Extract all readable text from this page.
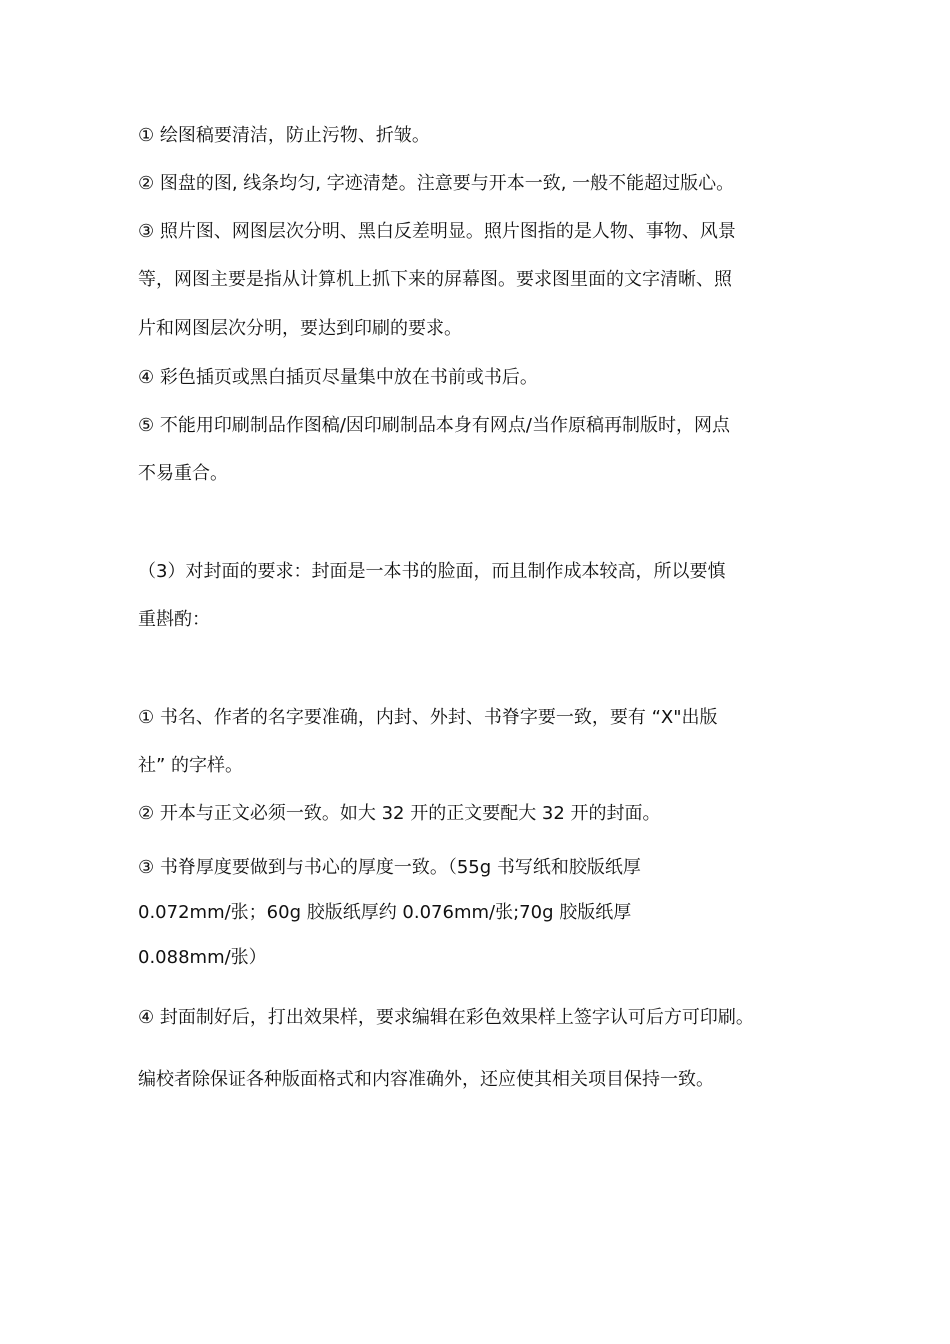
① 绘图稿要清洁，防止污物、折皱。

② 图盘的图, 线条均匀, 字迹清楚。注意要与开本一致, 一般不能超过版心。

③ 照片图、网图层次分明、黑白反差明显。照片图指的是人物、事物、风景

等，网图主要是指从计算机上抓下来的屏幕图。要求图里面的文字清晰、照

片和网图层次分明，要达到印刷的要求。

④ 彩色插页或黑白插页尽量集中放在书前或书后。

⑤ 不能用印刷制品作图稿/因印刷制品本身有网点/当作原稿再制版时，网点

不易重合。

（3）对封面的要求：封面是一本书的脸面，而且制作成本较高，所以要慎

重斟酌：

① 书名、作者的名字要准确，内封、外封、书脊字要一致，要有 “X"出版

社” 的字样。

② 开本与正文必须一致。如大 32 开的正文要配大 32 开的封面。

③ 书脊厚度要做到与书心的厚度一致。（55g 书写纸和胶版纸厚

0.072mm/张；60g 胶版纸厚约 0.076mm/张;70g 胶版纸厚

0.088mm/张）

④ 封面制好后，打出效果样，要求编辑在彩色效果样上签字认可后方可印刷。

编校者除保证各种版面格式和内容准确外，还应使其相关项目保持一致。
